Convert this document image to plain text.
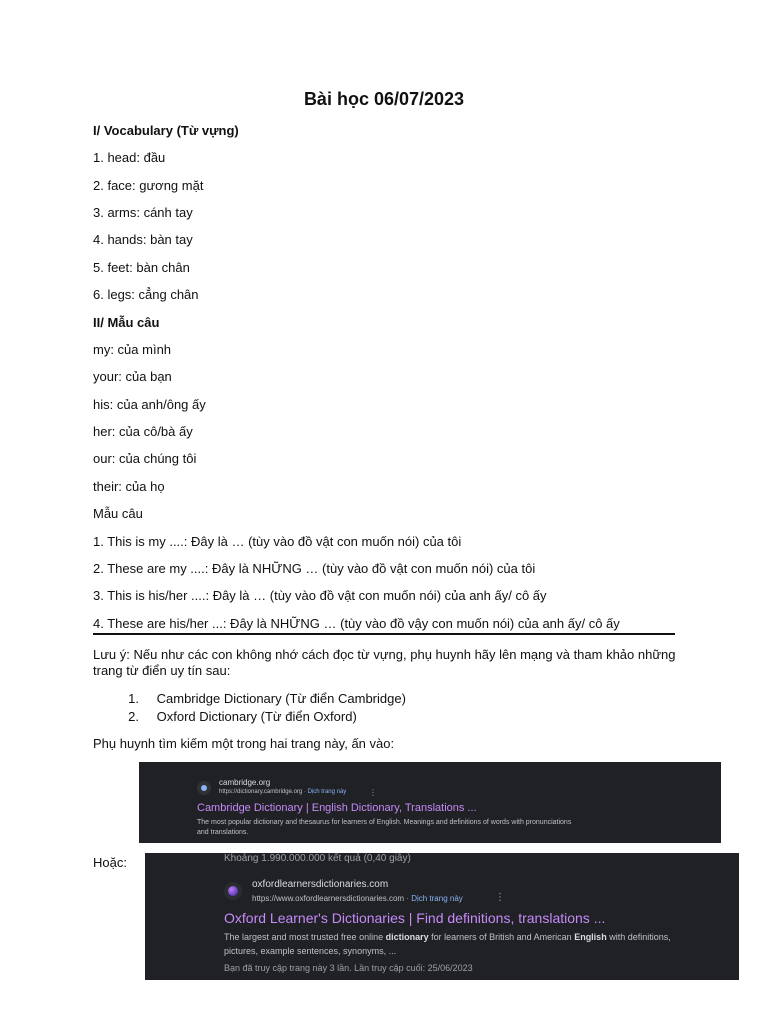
Bài học 06/07/2023
I/ Vocabulary (Từ vựng)
1. head: đầu
2. face: gương mặt
3. arms: cánh tay
4. hands: bàn tay
5. feet: bàn chân
6. legs: cẳng chân
II/ Mẫu câu
my: của mình
your: của bạn
his: của anh/ông ấy
her: của cô/bà ấy
our: của chúng tôi
their: của họ
Mẫu câu
1. This is my ....: Đây là … (tùy vào đồ vật con muốn nói) của tôi
2. These are my ....: Đây là NHỮNG … (tùy vào đồ vật con muốn nói) của tôi
3. This is his/her ....: Đây là … (tùy vào đồ vật con muốn nói) của anh ấy/ cô ấy
4. These are his/her ...: Đây là NHỮNG … (tùy vào đồ vậy con muốn nói) của anh ấy/ cô ấy
Lưu ý: Nếu như các con không nhớ cách đọc từ vựng, phụ huynh hãy lên mạng và tham khảo những trang từ điển uy tín sau:
1. Cambridge Dictionary (Từ điển Cambridge)
2. Oxford Dictionary (Từ điển Oxford)
Phụ huynh tìm kiếm một trong hai trang này, ấn vào:
cambridge.org
https://dictionary.cambridge.org · Dịch trang này	⋮
Cambridge Dictionary | English Dictionary, Translations ...
The most popular dictionary and thesaurus for learners of English. Meanings and definitions of words with pronunciations and translations.
Hoặc:	Khoảng 1.990.000.000 kết quả (0,40 giây)
oxfordlearnersdictionaries.com
https://www.oxfordlearnersdictionaries.com · Dịch trang này	⋮
Oxford Learner's Dictionaries | Find definitions, translations ...
The largest and most trusted free online dictionary for learners of British and American English with definitions, pictures, example sentences, synonyms, ...
Bạn đã truy cập trang này 3 lần. Lần truy cập cuối: 25/06/2023
